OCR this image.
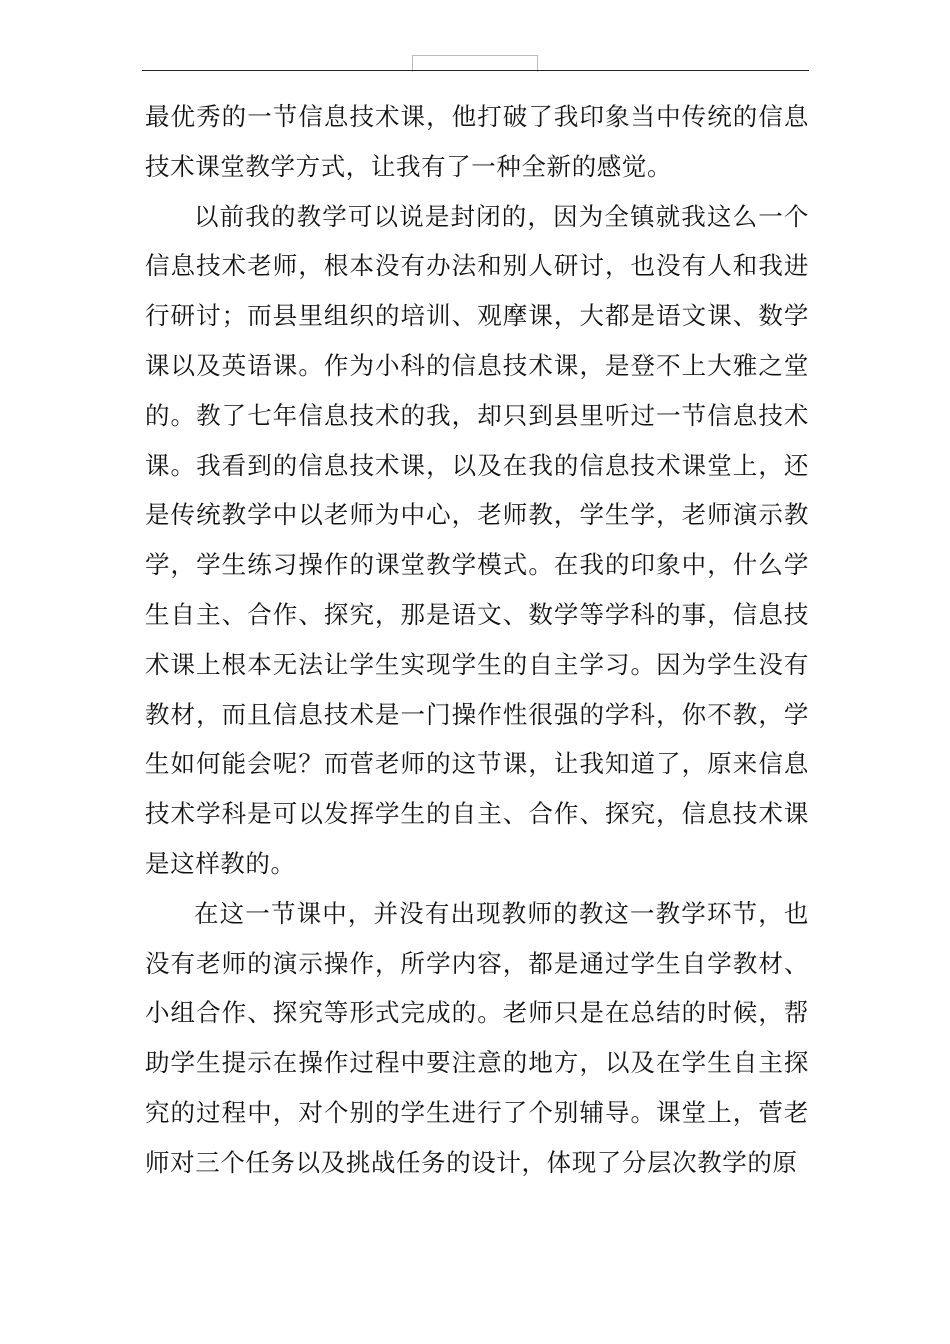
最优秀的一节信息技术课，他打破了我印象当中传统的信息技术课堂教学方式，让我有了一种全新的感觉。

以前我的教学可以说是封闭的，因为全镇就我这么一个信息技术老师，根本没有办法和别人研讨，也没有人和我进行研讨；而县里组织的培训、观摩课，大都是语文课、数学课以及英语课。作为小科的信息技术课，是登不上大雅之堂的。教了七年信息技术的我，却只到县里听过一节信息技术课。我看到的信息技术课，以及在我的信息技术课堂上，还是传统教学中以老师为中心，老师教，学生学，老师演示教学，学生练习操作的课堂教学模式。在我的印象中，什么学生自主、合作、探究，那是语文、数学等学科的事，信息技术课上根本无法让学生实现学生的自主学习。因为学生没有教材，而且信息技术是一门操作性很强的学科，你不教，学生如何能会呢？而菅老师的这节课，让我知道了，原来信息技术学科是可以发挥学生的自主、合作、探究，信息技术课是这样教的。

在这一节课中，并没有出现教师的教这一教学环节，也没有老师的演示操作，所学内容，都是通过学生自学教材、小组合作、探究等形式完成的。老师只是在总结的时候，帮助学生提示在操作过程中要注意的地方，以及在学生自主探究的过程中，对个别的学生进行了个别辅导。课堂上，菅老师对三个任务以及挑战任务的设计，体现了分层次教学的原
